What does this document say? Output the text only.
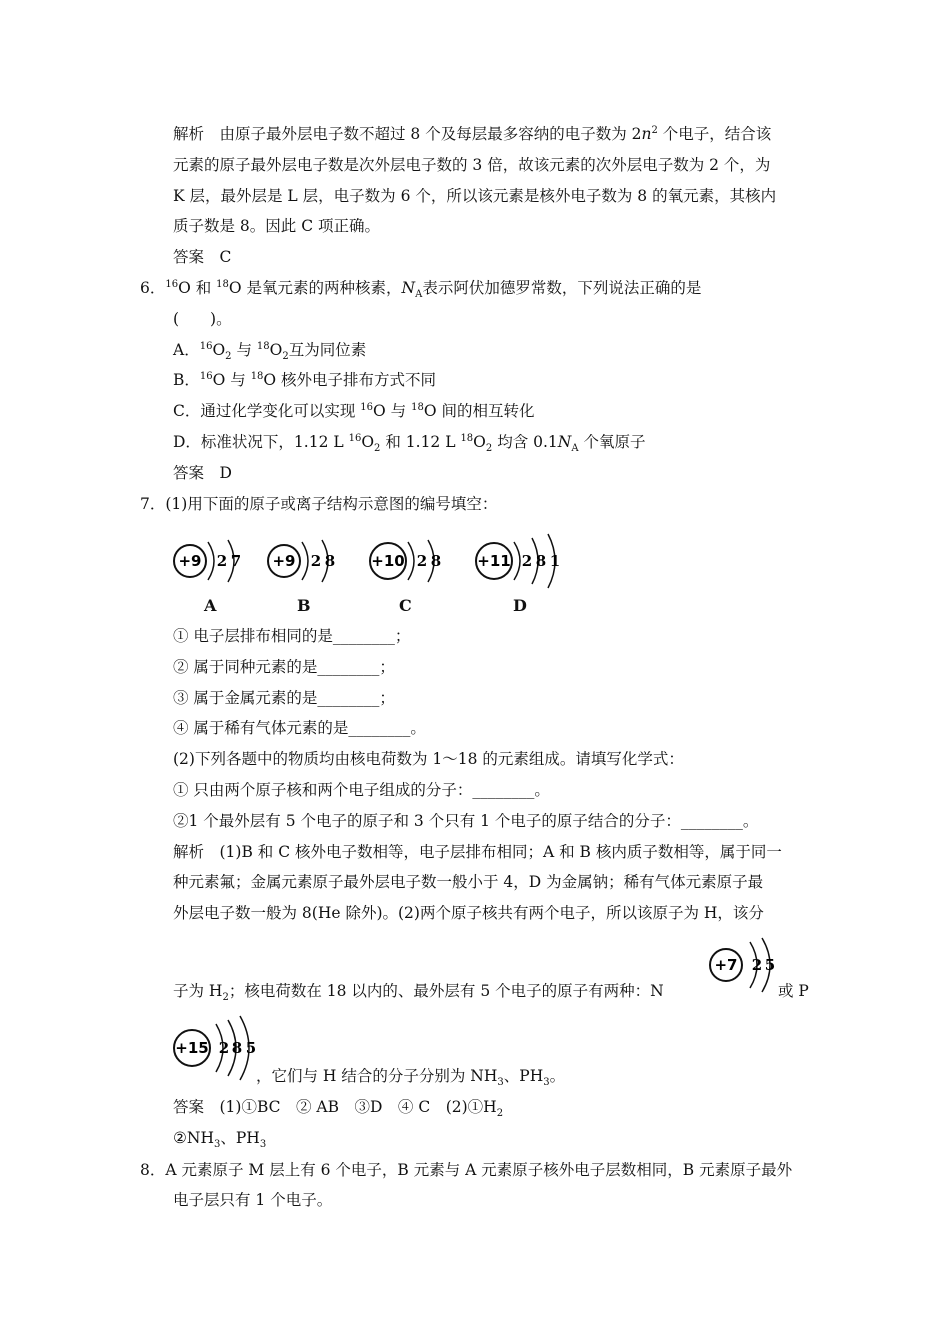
解析　由原子最外层电子数不超过 8 个及每层最多容纳的电子数为 $2n^2$ 个电子，结合该
元素的原子最外层电子数是次外层电子数的 3 倍，故该元素的次外层电子数为 2 个，为
K 层，最外层是 L 层，电子数为 6 个，所以该元素是核外电子数为 8 的氧元素，其核内
质子数是 8。因此 C 项正确。
答案　C
6．$^{16}$O 和 $^{18}$O 是氧元素的两种核素，$N_A$表示阿伏加德罗常数，下列说法正确的是
(　　)。
A．$^{16}O_2$ 与 $^{18}O_2$互为同位素
B．$^{16}$O 与 $^{18}$O 核外电子排布方式不同
C．通过化学变化可以实现 $^{16}$O 与 $^{18}$O 间的相互转化
D．标准状况下，1.12 L $^{16}O_2$ 和 1.12 L $^{18}O_2$ 均含 $0.1N_A$ 个氧原子
答案　D
7．(1)用下面的原子或离子结构示意图的编号填空：
+9 2 7
A
+9 2 8
B
+10 2 8
C
+11 2 8 1
D
① 电子层排布相同的是________；
② 属于同种元素的是________；
③ 属于金属元素的是________；
④ 属于稀有气体元素的是________。
(2)下列各题中的物质均由核电荷数为 1～18 的元素组成。请填写化学式：
① 只由两个原子核和两个电子组成的分子：________。
②1 个最外层有 5 个电子的原子和 3 个只有 1 个电子的原子结合的分子：________。
解析　(1)B 和 C 核外电子数相等，电子层排布相同；A 和 B 核内质子数相等，属于同一
种元素氟；金属元素原子最外层电子数一般小于 4，D 为金属钠；稀有气体元素原子最
外层电子数一般为 8(He 除外)。(2)两个原子核共有两个电子，所以该原子为 H，该分
子为 $H_2$；核电荷数在 18 以内的、最外层有 5 个电子的原子有两种：N
+7 2 5
或 P
+15 2 8 5
，它们与 H 结合的分子分别为 $NH_3$、$PH_3$。
答案　(1)①BC　② AB　③D　④ C　$(2)①H_2$
$②NH_3$、$PH_3$
8．A 元素原子 M 层上有 6 个电子，B 元素与 A 元素原子核外电子层数相同，B 元素原子最外
电子层只有 1 个电子。
